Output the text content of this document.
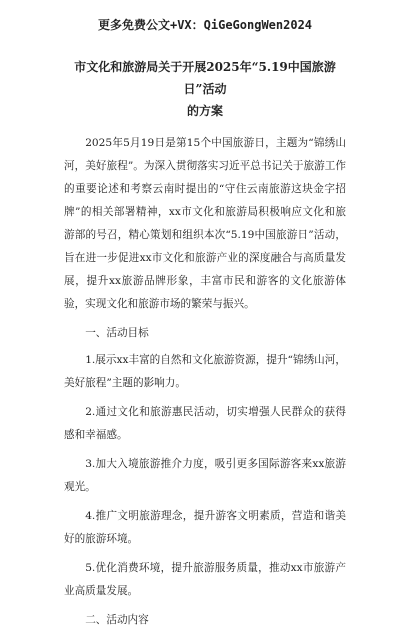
更多免费公文+VX：QiGeGongWen2024
市文化和旅游局关于开展2025年“5.19中国旅游日”活动
的方案

2025年5月19日是第15个中国旅游日，主题为“锦绣山河，美好旅程”。为深入贯彻落实习近平总书记关于旅游工作的重要论述和考察云南时提出的“守住云南旅游这块金字招牌”的相关部署精神，xx市文化和旅游局积极响应文化和旅游部的号召，精心策划和组织本次“5.19中国旅游日”活动，旨在进一步促进xx市文化和旅游产业的深度融合与高质量发展，提升xx旅游品牌形象，丰富市民和游客的文化旅游体验，实现文化和旅游市场的繁荣与振兴。

一、活动目标

1.展示xx丰富的自然和文化旅游资源，提升“锦绣山河，美好旅程”主题的影响力。

2.通过文化和旅游惠民活动，切实增强人民群众的获得感和幸福感。

3.加大入境旅游推介力度，吸引更多国际游客来xx旅游观光。

4.推广文明旅游理念，提升游客文明素质，营造和谐美好的旅游环境。

5.优化消费环境，提升旅游服务质量，推动xx市旅游产业高质量发展。

二、活动内容
